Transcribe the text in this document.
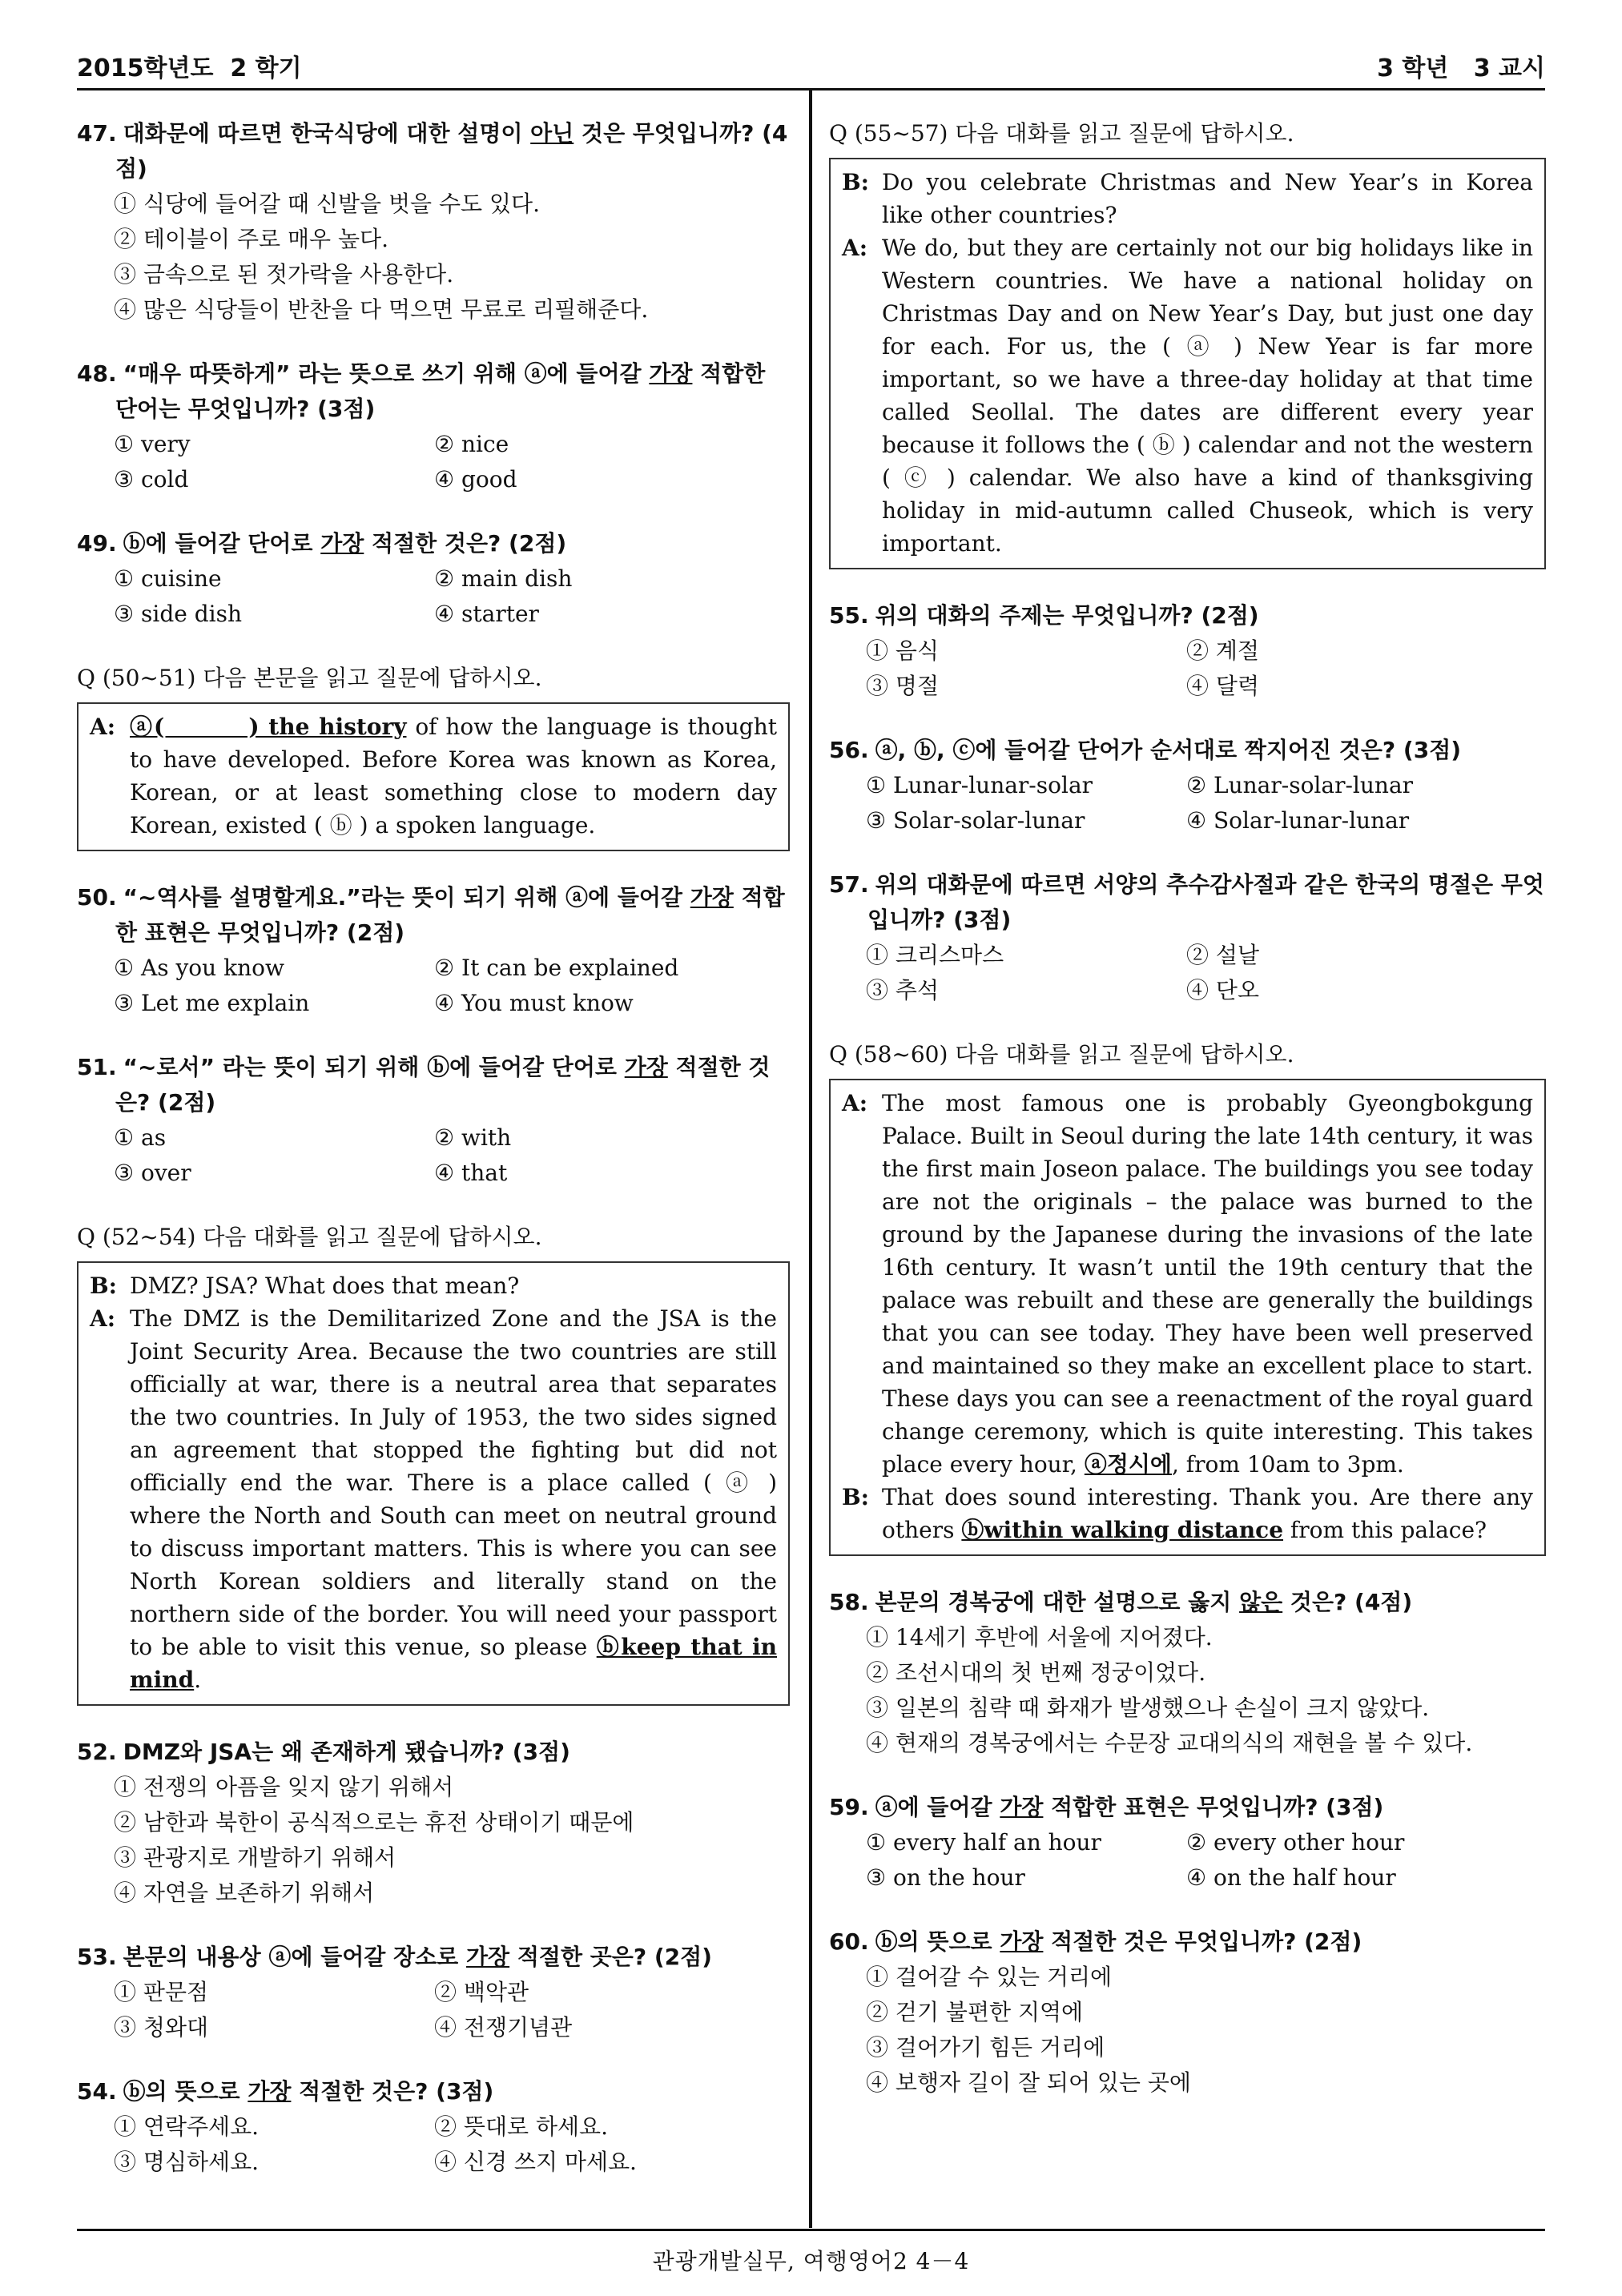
2015학년도  2 학기	3 학년   3 교시
47. 대화문에 따르면 한국식당에 대한 설명이 아닌 것은 무엇입니까? (4점)
① 식당에 들어갈 때 신발을 벗을 수도 있다.
② 테이블이 주로 매우 높다.
③ 금속으로 된 젓가락을 사용한다.
④ 많은 식당들이 반찬을 다 먹으면 무료로 리필해준다.
48. “매우 따뜻하게” 라는 뜻으로 쓰기 위해 ⓐ에 들어갈 가장 적합한 단어는 무엇입니까? (3점)
① very	② nice
③ cold	④ good
49. ⓑ에 들어갈 단어로 가장 적절한 것은? (2점)
① cuisine	② main dish
③ side dish	④ starter
Q (50~51) 다음 본문을 읽고 질문에 답하시오.
A: ⓐ(         ) the history of how the language is thought to have developed. Before Korea was known as Korea, Korean, or at least something close to modern day Korean, existed ( ⓑ ) a spoken language.
50. “~역사를 설명할게요.”라는 뜻이 되기 위해 ⓐ에 들어갈 가장 적합한 표현은 무엇입니까? (2점)
① As you know	② It can be explained
③ Let me explain	④ You must know
51. “~로서” 라는 뜻이 되기 위해 ⓑ에 들어갈 단어로 가장 적절한 것은? (2점)
① as	② with
③ over	④ that
Q (52~54) 다음 대화를 읽고 질문에 답하시오.
B: DMZ? JSA? What does that mean?
A: The DMZ is the Demilitarized Zone and the JSA is the Joint Security Area. Because the two countries are still officially at war, there is a neutral area that separates the two countries. In July of 1953, the two sides signed an agreement that stopped the fighting but did not officially end the war. There is a place called ( ⓐ ) where the North and South can meet on neutral ground to discuss important matters. This is where you can see North Korean soldiers and literally stand on the northern side of the border. You will need your passport to be able to visit this venue, so please ⓑkeep that in mind.
52. DMZ와 JSA는 왜 존재하게 됐습니까? (3점)
① 전쟁의 아픔을 잊지 않기 위해서
② 남한과 북한이 공식적으로는 휴전 상태이기 때문에
③ 관광지로 개발하기 위해서
④ 자연을 보존하기 위해서
53. 본문의 내용상 ⓐ에 들어갈 장소로 가장 적절한 곳은? (2점)
① 판문점	② 백악관
③ 청와대	④ 전쟁기념관
54. ⓑ의 뜻으로 가장 적절한 것은? (3점)
① 연락주세요.	② 뜻대로 하세요.
③ 명심하세요.	④ 신경 쓰지 마세요.
Q (55~57) 다음 대화를 읽고 질문에 답하시오.
B: Do you celebrate Christmas and New Year’s in Korea like other countries?
A: We do, but they are certainly not our big holidays like in Western countries. We have a national holiday on Christmas Day and on New Year’s Day, but just one day for each. For us, the ( ⓐ ) New Year is far more important, so we have a three-day holiday at that time called Seollal. The dates are different every year because it follows the ( ⓑ ) calendar and not the western ( ⓒ ) calendar. We also have a kind of thanksgiving holiday in mid-autumn called Chuseok, which is very important.
55. 위의 대화의 주제는 무엇입니까? (2점)
① 음식	② 계절
③ 명절	④ 달력
56. ⓐ, ⓑ, ⓒ에 들어갈 단어가 순서대로 짝지어진 것은? (3점)
① Lunar-lunar-solar	② Lunar-solar-lunar
③ Solar-solar-lunar	④ Solar-lunar-lunar
57. 위의 대화문에 따르면 서양의 추수감사절과 같은 한국의 명절은 무엇입니까? (3점)
① 크리스마스	② 설날
③ 추석	④ 단오
Q (58~60) 다음 대화를 읽고 질문에 답하시오.
A: The most famous one is probably Gyeongbokgung Palace. Built in Seoul during the late 14th century, it was the first main Joseon palace. The buildings you see today are not the originals – the palace was burned to the ground by the Japanese during the invasions of the late 16th century. It wasn’t until the 19th century that the palace was rebuilt and these are generally the buildings that you can see today. They have been well preserved and maintained so they make an excellent place to start. These days you can see a reenactment of the royal guard change ceremony, which is quite interesting. This takes place every hour, ⓐ정시에, from 10am to 3pm.
B: That does sound interesting. Thank you. Are there any others ⓑwithin walking distance from this palace?
58. 본문의 경복궁에 대한 설명으로 옳지 않은 것은? (4점)
① 14세기 후반에 서울에 지어졌다.
② 조선시대의 첫 번째 정궁이었다.
③ 일본의 침략 때 화재가 발생했으나 손실이 크지 않았다.
④ 현재의 경복궁에서는 수문장 교대의식의 재현을 볼 수 있다.
59. ⓐ에 들어갈 가장 적합한 표현은 무엇입니까? (3점)
① every half an hour	② every other hour
③ on the hour	④ on the half hour
60. ⓑ의 뜻으로 가장 적절한 것은 무엇입니까? (2점)
① 걸어갈 수 있는 거리에
② 걷기 불편한 지역에
③ 걸어가기 힘든 거리에
④ 보행자 길이 잘 되어 있는 곳에
관광개발실무, 여행영어2 4－4
